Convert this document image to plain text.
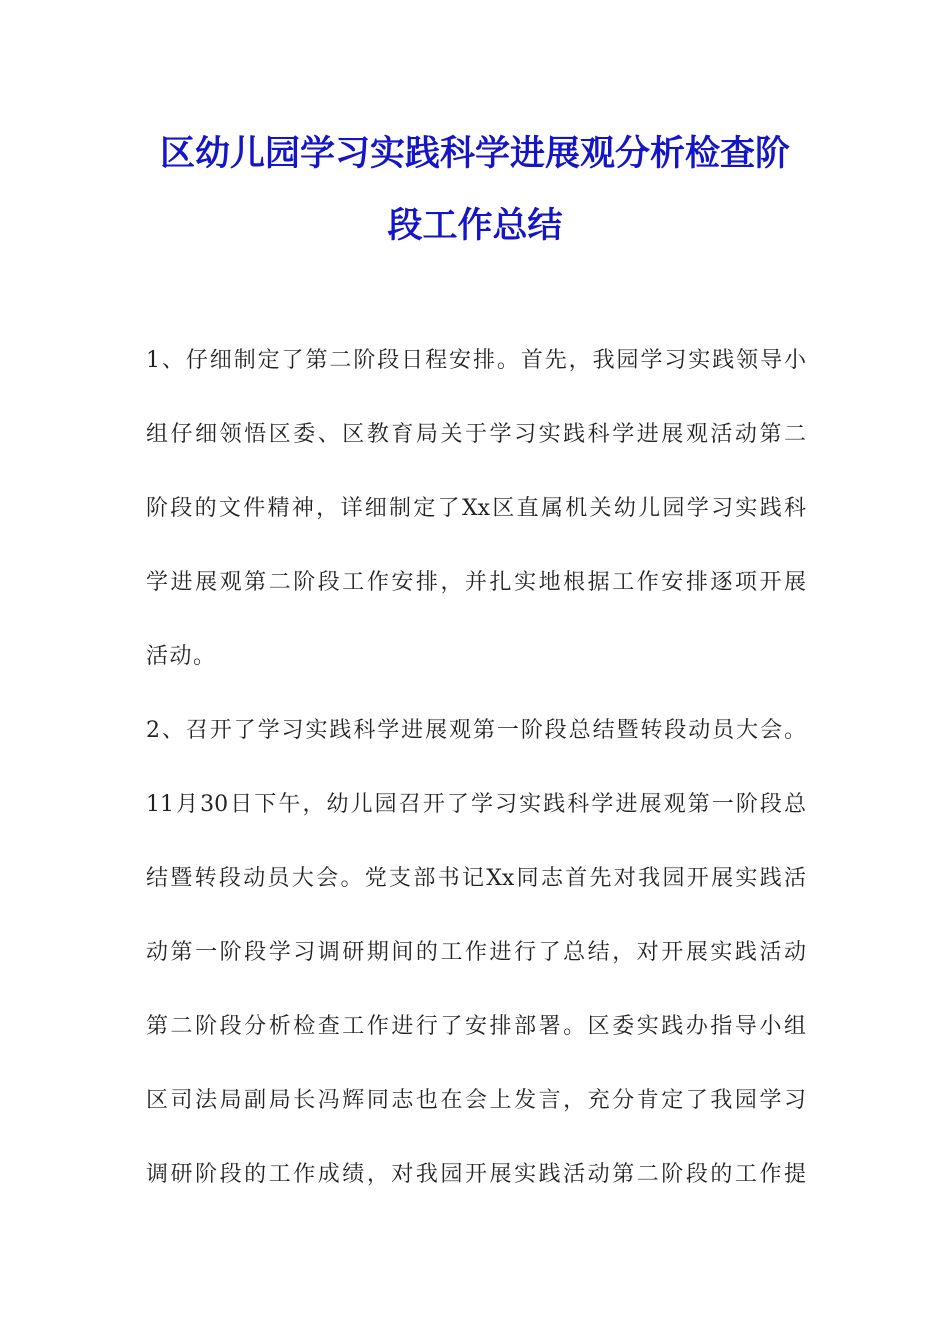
区幼儿园学习实践科学进展观分析检查阶
段工作总结
1、仔细制定了第二阶段日程安排。首先，我园学习实践领导小
组仔细领悟区委、区教育局关于学习实践科学进展观活动第二
阶段的文件精神，详细制定了Xx区直属机关幼儿园学习实践科
学进展观第二阶段工作安排，并扎实地根据工作安排逐项开展
活动。
2、召开了学习实践科学进展观第一阶段总结暨转段动员大会。
11月30日下午，幼儿园召开了学习实践科学进展观第一阶段总
结暨转段动员大会。党支部书记Xx同志首先对我园开展实践活
动第一阶段学习调研期间的工作进行了总结，对开展实践活动
第二阶段分析检查工作进行了安排部署。区委实践办指导小组
区司法局副局长冯辉同志也在会上发言，充分肯定了我园学习
调研阶段的工作成绩，对我园开展实践活动第二阶段的工作提
